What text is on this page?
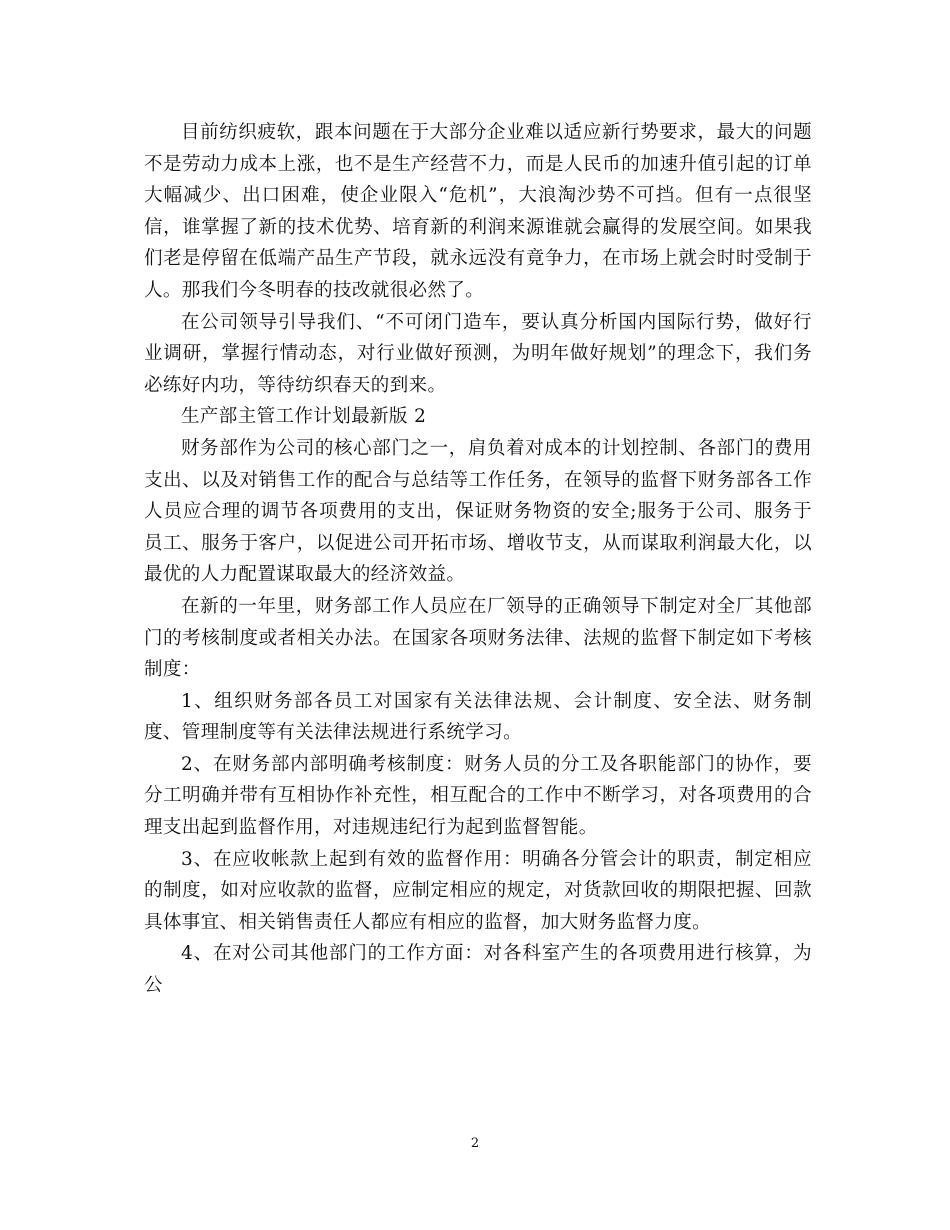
目前纺织疲软，跟本问题在于大部分企业难以适应新行势要求，最大的问题不是劳动力成本上涨，也不是生产经营不力，而是人民币的加速升值引起的订单大幅减少、出口困难，使企业限入“危机”，大浪淘沙势不可挡。但有一点很坚信，谁掌握了新的技术优势、培育新的利润来源谁就会赢得的发展空间。如果我们老是停留在低端产品生产节段，就永远没有竟争力，在市场上就会时时受制于人。那我们今冬明春的技改就很必然了。

在公司领导引导我们、“不可闭门造车，要认真分析国内国际行势，做好行业调研，掌握行情动态，对行业做好预测，为明年做好规划”的理念下，我们务必练好内功，等待纺织春天的到来。

生产部主管工作计划最新版 2

财务部作为公司的核心部门之一，肩负着对成本的计划控制、各部门的费用支出、以及对销售工作的配合与总结等工作任务，在领导的监督下财务部各工作人员应合理的调节各项费用的支出，保证财务物资的安全;服务于公司、服务于员工、服务于客户，以促进公司开拓市场、增收节支，从而谋取利润最大化，以最优的人力配置谋取最大的经济效益。

在新的一年里，财务部工作人员应在厂领导的正确领导下制定对全厂其他部门的考核制度或者相关办法。在国家各项财务法律、法规的监督下制定如下考核制度：

1、组织财务部各员工对国家有关法律法规、会计制度、安全法、财务制度、管理制度等有关法律法规进行系统学习。

2、在财务部内部明确考核制度：财务人员的分工及各职能部门的协作，要分工明确并带有互相协作补充性，相互配合的工作中不断学习，对各项费用的合理支出起到监督作用，对违规违纪行为起到监督智能。

3、在应收帐款上起到有效的监督作用：明确各分管会计的职责，制定相应的制度，如对应收款的监督，应制定相应的规定，对货款回收的期限把握、回款具体事宜、相关销售责任人都应有相应的监督，加大财务监督力度。

4、在对公司其他部门的工作方面：对各科室产生的各项费用进行核算，为公

2
